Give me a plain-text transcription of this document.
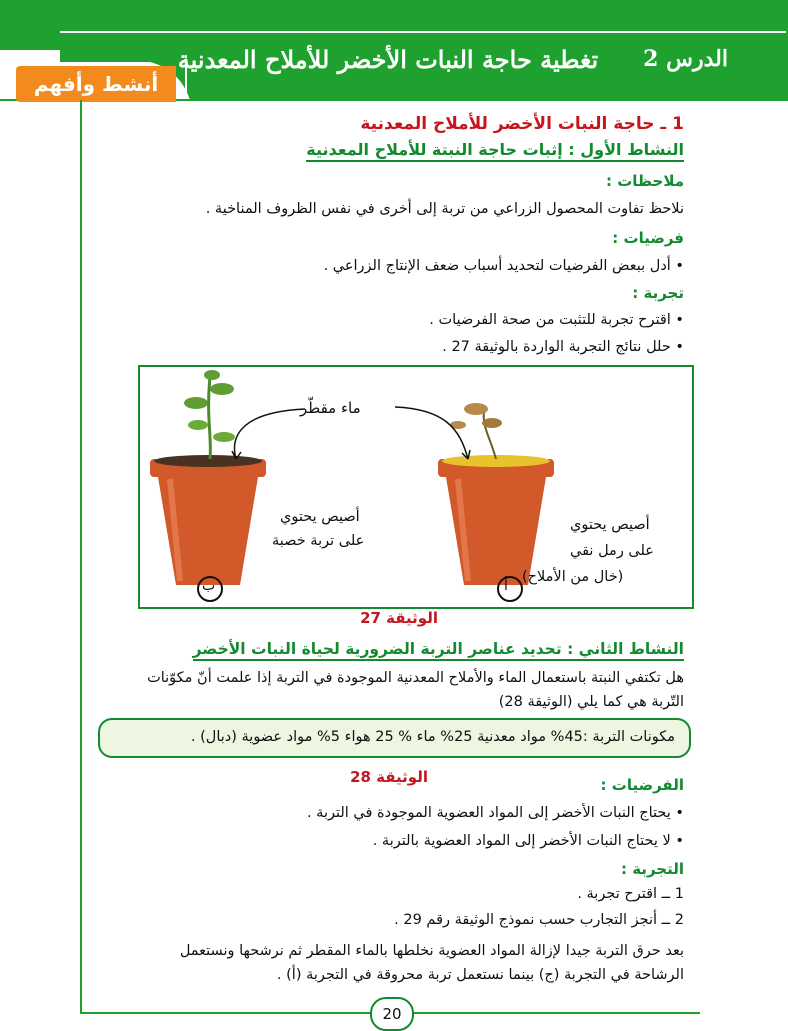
الدرس 2
تغطية حاجة النبات الأخضر للأملاح المعدنية
أنشط وأفهم
1 ـ حاجة النبات الأخضر للأملاح المعدنية
النشاط الأول : إثبات حاجة النبتة للأملاح المعدنية
ملاحظات :
نلاحظ تفاوت المحصول الزراعي من تربة إلى أخرى في نفس الظروف المناخية .
فرضيات :
• أدل ببعض الفرضيات لتحديد أسباب ضعف الإنتاج الزراعي .
تجربة :
• اقترح تجربة للتثبت من صحة الفرضيات .
• حلل نتائج التجربة الواردة بالوثيقة 27 .
ماء مقطّر
أصيص يحتوي
على تربة خصبة
ب
أصيص يحتوي
على رمل نقي
(خال من الأملاح)
أ
الوثيقة 27
النشاط الثاني : تحديد عناصر التربة الضرورية لحياة النبات الأخضر
هل تكتفي النبتة باستعمال الماء والأملاح المعدنية الموجودة في التربة إذا علمت أنّ مكوّنات
التّربة هي كما يلي (الوثيقة 28)
مكونات التربة :45% مواد معدنية 25% ماء % 25 هواء 5% مواد عضوية (دبال) .
الوثيقة 28	الفرضيات :
• يحتاج النبات الأخضر إلى المواد العضوية الموجودة في التربة .
• لا يحتاج النبات الأخضر إلى المواد العضوية بالتربة .
التجربة :
1 ــ اقترح تجربة .
2 ــ أنجز التجارب حسب نموذج الوثيقة رقم 29 .
بعد حرق التربة جيدا لإزالة المواد العضوية نخلطها بالماء المقطر ثم نرشحها ونستعمل
الرشاحة في التجربة (ج) بينما نستعمل تربة محروقة في التجربة (أ) .
20
